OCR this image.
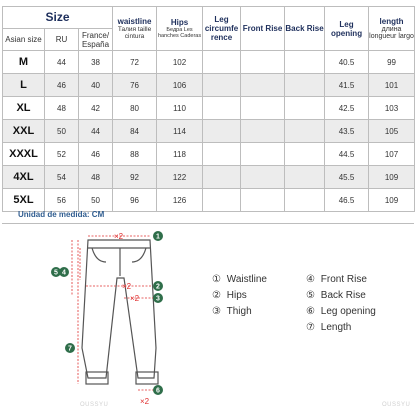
Size			waistline
Талия taille cintura	Hips
Бедра Les hanches Caderas	Leg circumfe rence	Front Rise	Back Rise	Leg opening	length
длина longueur largo

Asian size	RU	France/ España							
M	44	38	72	102				40.5	99
L	46	40	76	106				41.5	101
XL	48	42	80	110				42.5	103
XXL	50	44	84	114				43.5	105
XXXL	52	46	88	118				44.5	107
4XL	54	48	92	122				45.5	109
5XL	56	50	96	126				46.5	109
Unidad de medida: CM
×2
×2
×2
×2
1
2
3
4
5
6
7
① Waistline
② Hips
③ Thigh
④ Front Rise
⑤ Back Rise
⑥ Leg opening
⑦ Length
OUSSYU	OUSSYU
